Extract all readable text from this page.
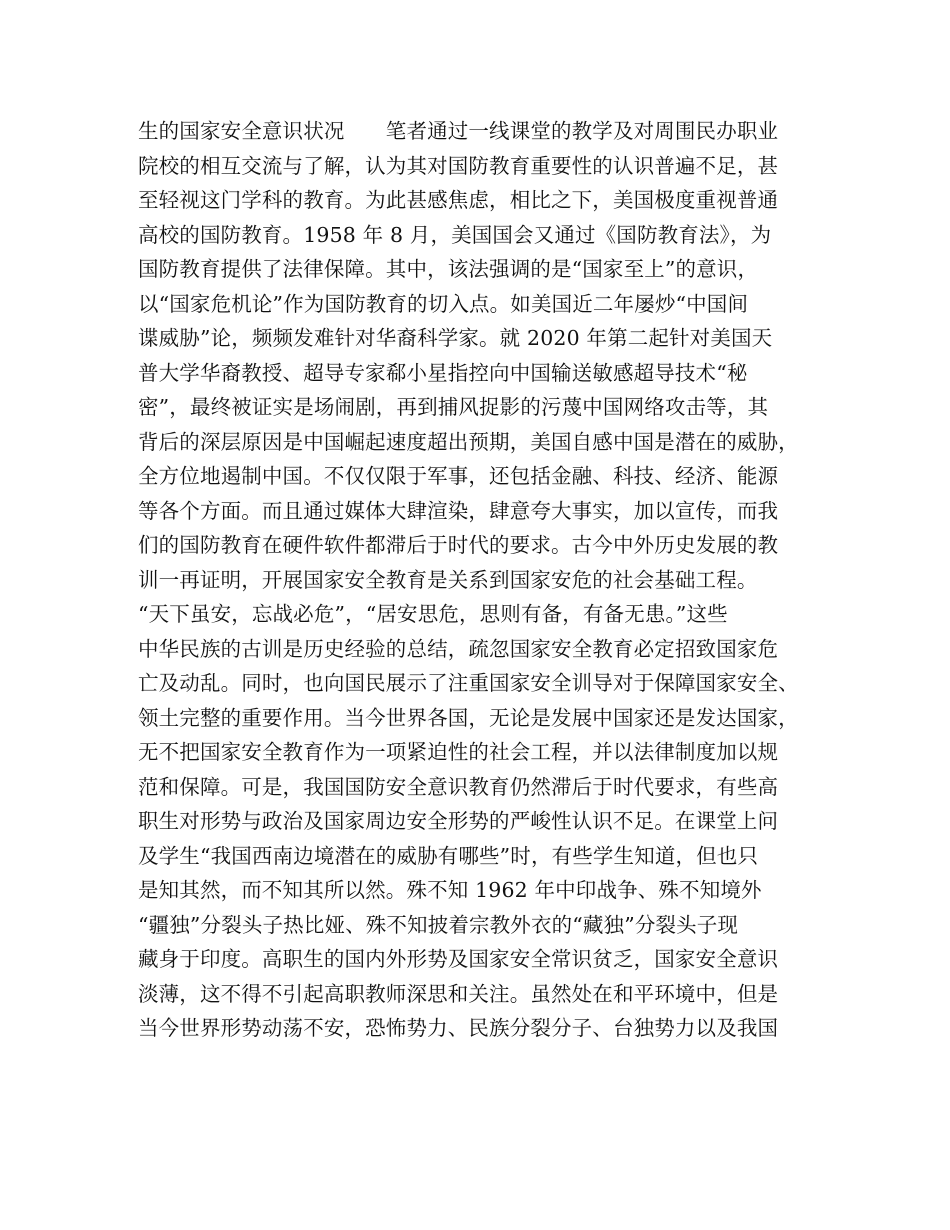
生的国家安全意识状况　　笔者通过一线课堂的教学及对周围民办职业
院校的相互交流与了解，认为其对国防教育重要性的认识普遍不足，甚
至轻视这门学科的教育。为此甚感焦虑，相比之下，美国极度重视普通
高校的国防教育。1958 年 8 月，美国国会又通过《国防教育法》，为
国防教育提供了法律保障。其中，该法强调的是“国家至上”的意识，
以“国家危机论”作为国防教育的切入点。如美国近二年屡炒“中国间
谍威胁”论，频频发难针对华裔科学家。就 2020 年第二起针对美国天
普大学华裔教授、超导专家郗小星指控向中国输送敏感超导技术“秘
密”，最终被证实是场闹剧，再到捕风捉影的污蔑中国网络攻击等，其
背后的深层原因是中国崛起速度超出预期，美国自感中国是潜在的威胁，
全方位地遏制中国。不仅仅限于军事，还包括金融、科技、经济、能源
等各个方面。而且通过媒体大肆渲染，肆意夸大事实，加以宣传，而我
们的国防教育在硬件软件都滞后于时代的要求。古今中外历史发展的教
训一再证明，开展国家安全教育是关系到国家安危的社会基础工程。
“天下虽安，忘战必危”，“居安思危，思则有备，有备无患。”这些
中华民族的古训是历史经验的总结，疏忽国家安全教育必定招致国家危
亡及动乱。同时，也向国民展示了注重国家安全训导对于保障国家安全、
领土完整的重要作用。当今世界各国，无论是发展中国家还是发达国家，
无不把国家安全教育作为一项紧迫性的社会工程，并以法律制度加以规
范和保障。可是，我国国防安全意识教育仍然滞后于时代要求，有些高
职生对形势与政治及国家周边安全形势的严峻性认识不足。在课堂上问
及学生“我国西南边境潜在的威胁有哪些”时，有些学生知道，但也只
是知其然，而不知其所以然。殊不知 1962 年中印战争、殊不知境外
“疆独”分裂头子热比娅、殊不知披着宗教外衣的“藏独”分裂头子现
藏身于印度。高职生的国内外形势及国家安全常识贫乏，国家安全意识
淡薄，这不得不引起高职教师深思和关注。虽然处在和平环境中，但是
当今世界形势动荡不安，恐怖势力、民族分裂分子、台独势力以及我国
